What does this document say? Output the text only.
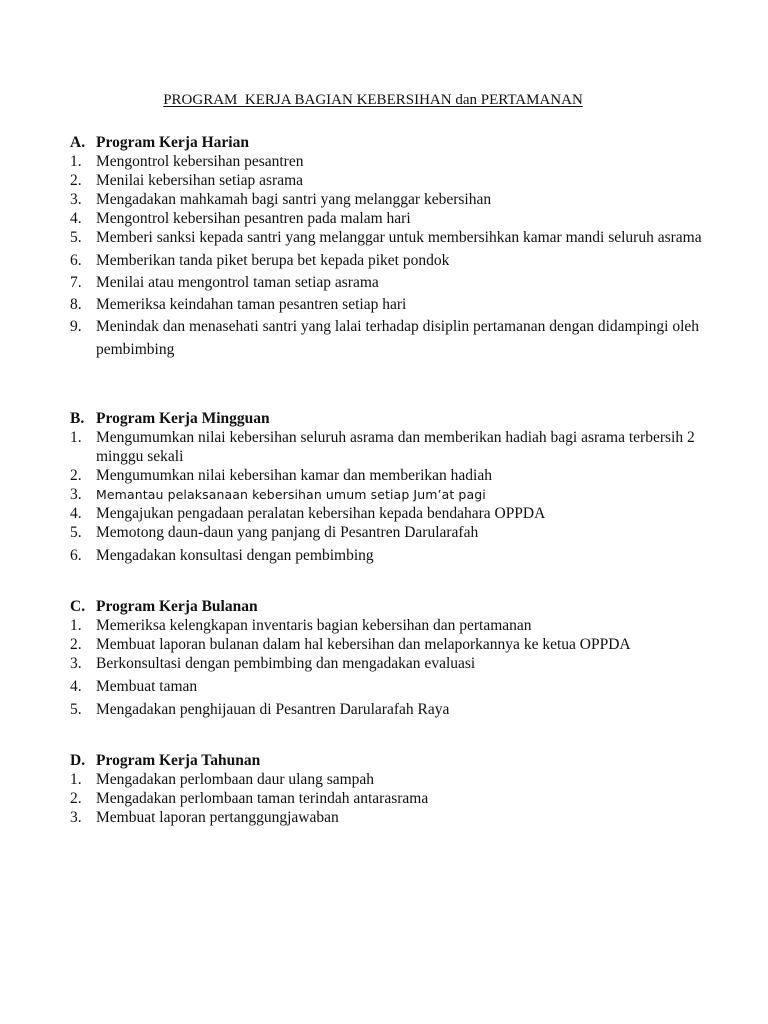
PROGRAM  KERJA BAGIAN KEBERSIHAN dan PERTAMANAN
A. Program Kerja Harian
1. Mengontrol kebersihan pesantren
2. Menilai kebersihan setiap asrama
3. Mengadakan mahkamah bagi santri yang melanggar kebersihan
4. Mengontrol kebersihan pesantren pada malam hari
5. Memberi sanksi kepada santri yang melanggar untuk membersihkan kamar mandi seluruh asrama
6. Memberikan tanda piket berupa bet kepada piket pondok
7. Menilai atau mengontrol taman setiap asrama
8. Memeriksa keindahan taman pesantren setiap hari
9. Menindak dan menasehati santri yang lalai terhadap disiplin pertamanan dengan didampingi oleh pembimbing
B. Program Kerja Mingguan
1. Mengumumkan nilai kebersihan seluruh asrama dan memberikan hadiah bagi asrama terbersih 2 minggu sekali
2. Mengumumkan nilai kebersihan kamar dan memberikan hadiah
3. Memantau pelaksanaan kebersihan umum setiap Jum’at pagi
4. Mengajukan pengadaan peralatan kebersihan kepada bendahara OPPDA
5. Memotong daun-daun yang panjang di Pesantren Darularafah
6. Mengadakan konsultasi dengan pembimbing
C. Program Kerja Bulanan
1. Memeriksa kelengkapan inventaris bagian kebersihan dan pertamanan
2. Membuat laporan bulanan dalam hal kebersihan dan melaporkannya ke ketua OPPDA
3. Berkonsultasi dengan pembimbing dan mengadakan evaluasi
4. Membuat taman
5. Mengadakan penghijauan di Pesantren Darularafah Raya
D. Program Kerja Tahunan
1. Mengadakan perlombaan daur ulang sampah
2. Mengadakan perlombaan taman terindah antarasrama
3. Membuat laporan pertanggungjawaban
